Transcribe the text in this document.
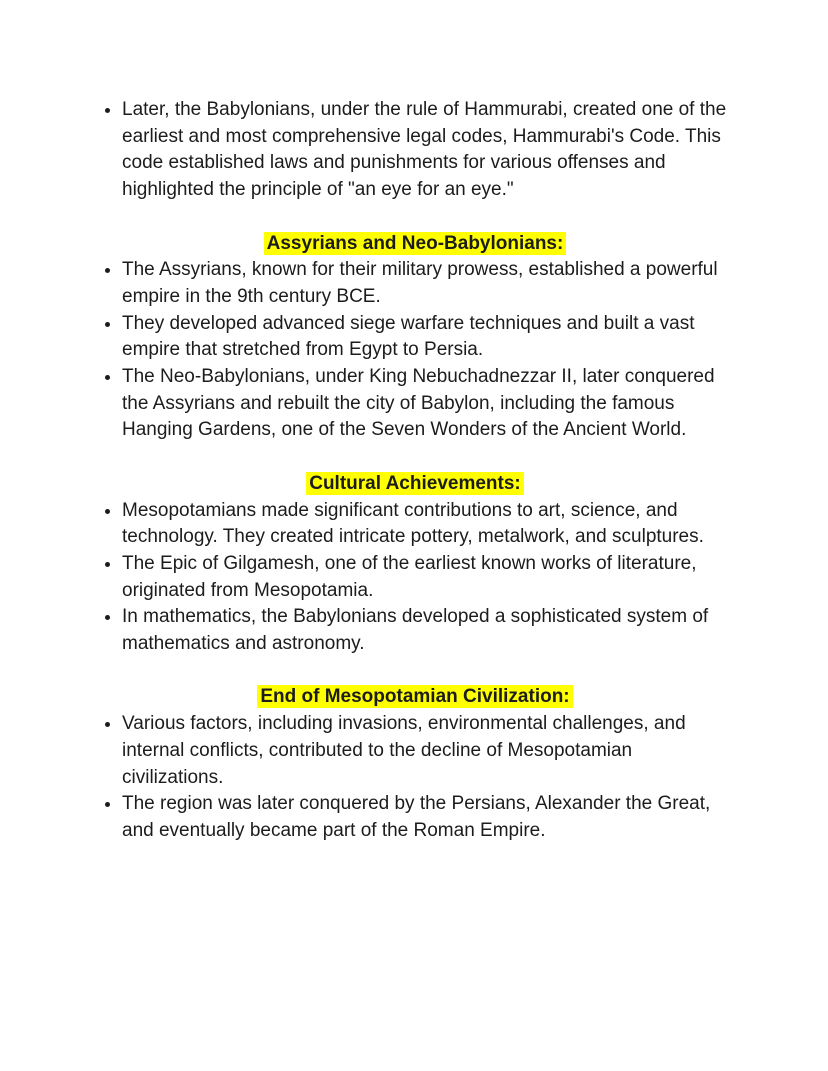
• Later, the Babylonians, under the rule of Hammurabi, created one of the earliest and most comprehensive legal codes, Hammurabi's Code. This code established laws and punishments for various offenses and highlighted the principle of "an eye for an eye."

Assyrians and Neo-Babylonians:

• The Assyrians, known for their military prowess, established a powerful empire in the 9th century BCE.
• They developed advanced siege warfare techniques and built a vast empire that stretched from Egypt to Persia.
• The Neo-Babylonians, under King Nebuchadnezzar II, later conquered the Assyrians and rebuilt the city of Babylon, including the famous Hanging Gardens, one of the Seven Wonders of the Ancient World.

Cultural Achievements:

• Mesopotamians made significant contributions to art, science, and technology. They created intricate pottery, metalwork, and sculptures.
• The Epic of Gilgamesh, one of the earliest known works of literature, originated from Mesopotamia.
• In mathematics, the Babylonians developed a sophisticated system of mathematics and astronomy.

End of Mesopotamian Civilization:

• Various factors, including invasions, environmental challenges, and internal conflicts, contributed to the decline of Mesopotamian civilizations.
• The region was later conquered by the Persians, Alexander the Great, and eventually became part of the Roman Empire.
